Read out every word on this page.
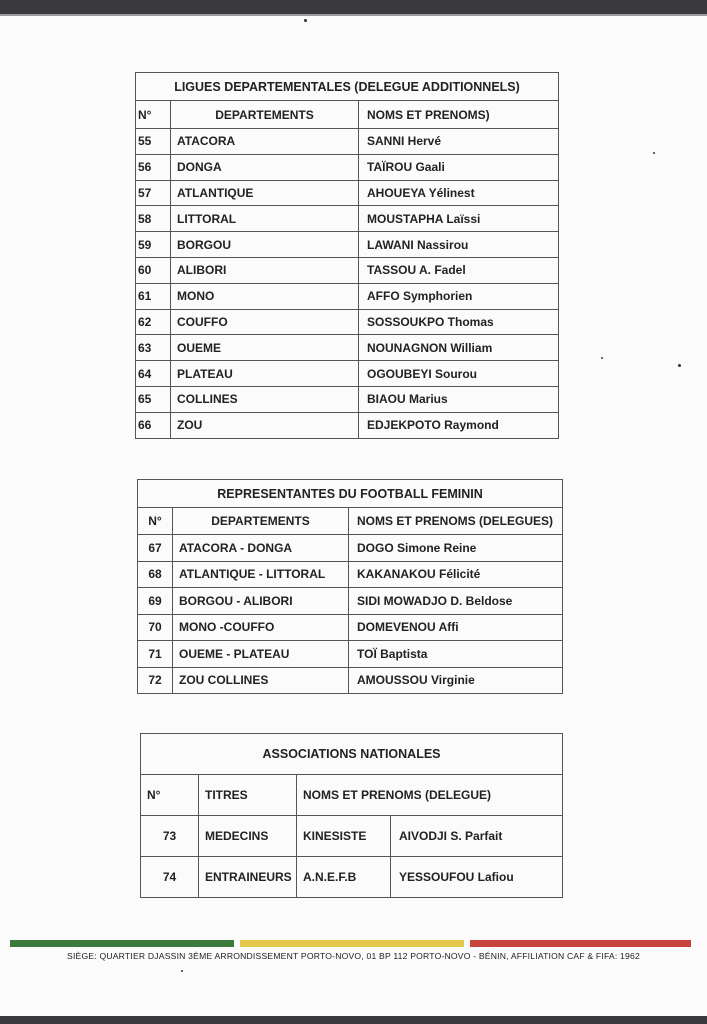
LIGUES DEPARTEMENTALES (DELEGUE ADDITIONNELS)		
N°	DEPARTEMENTS	NOMS ET PRENOMS)
55	ATACORA	SANNI Hervé
56	DONGA	TAÏROU Gaali
57	ATLANTIQUE	AHOUEYA Yélinest
58	LITTORAL	MOUSTAPHA Laïssi
59	BORGOU	LAWANI Nassirou
60	ALIBORI	TASSOU A. Fadel
61	MONO	AFFO Symphorien
62	COUFFO	SOSSOUKPO Thomas
63	OUEME	NOUNAGNON William
64	PLATEAU	OGOUBEYI Sourou
65	COLLINES	BIAOU Marius
66	ZOU	EDJEKPOTO Raymond
REPRESENTANTES DU FOOTBALL FEMININ		
N°	DEPARTEMENTS	NOMS ET PRENOMS (DELEGUES)
67	ATACORA - DONGA	DOGO Simone Reine
68	ATLANTIQUE - LITTORAL	KAKANAKOU Félicité
69	BORGOU - ALIBORI	SIDI MOWADJO D. Beldose
70	MONO -COUFFO	DOMEVENOU Affi
71	OUEME - PLATEAU	TOÏ Baptista
72	ZOU COLLINES	AMOUSSOU Virginie
ASSOCIATIONS NATIONALES			
N°	TITRES	NOMS ET PRENOMS (DELEGUE)	
73	MEDECINS	KINESISTE	AIVODJI S. Parfait
74	ENTRAINEURS	A.N.E.F.B	YESSOUFOU Lafiou
SIÈGE: QUARTIER DJASSIN 3ÈME ARRONDISSEMENT PORTO-NOVO, 01 BP 112 PORTO-NOVO - BÉNIN, AFFILIATION CAF & FIFA: 1962
